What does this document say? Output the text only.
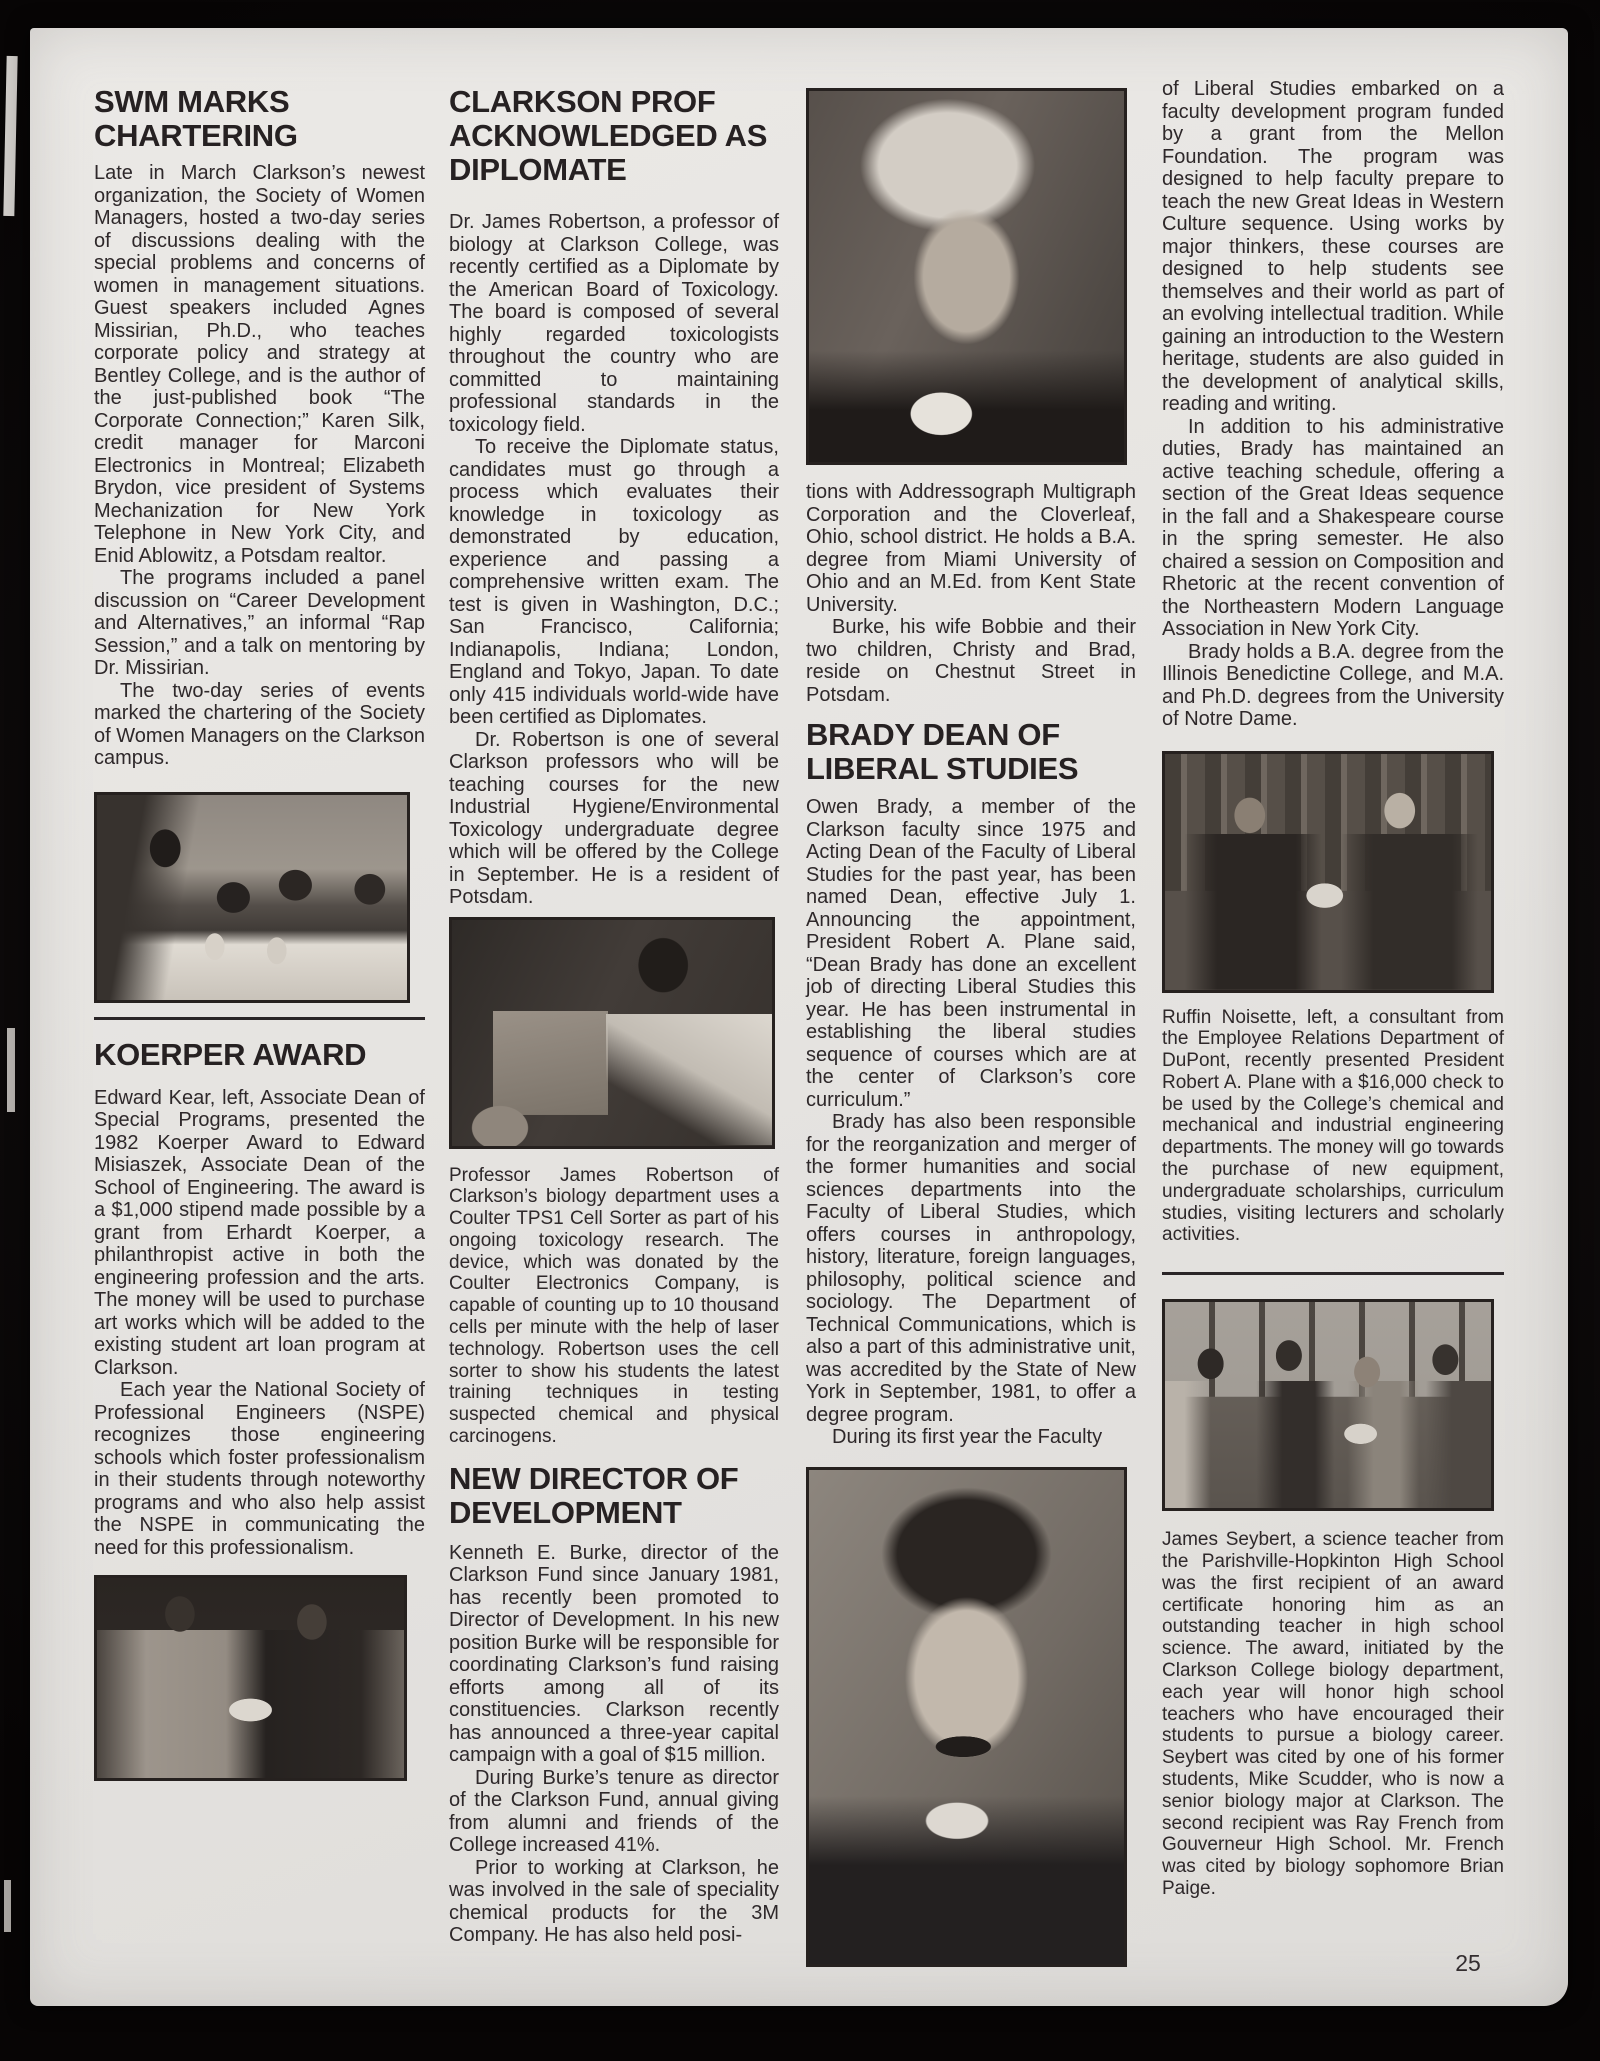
SWM MARKS CHARTERING

Late in March Clarkson’s newest organization, the Society of Women Managers, hosted a two-day series of discussions dealing with the special problems and concerns of women in management situations. Guest speakers included Agnes Missirian, Ph.D., who teaches corporate policy and strategy at Bentley College, and is the author of the just-published book “The Corporate Connection;” Karen Silk, credit manager for Marconi Electronics in Montreal; Elizabeth Brydon, vice president of Systems Mechanization for New York Telephone in New York City, and Enid Ablowitz, a Potsdam realtor.

The programs included a panel discussion on “Career Development and Alternatives,” an informal “Rap Session,” and a talk on mentoring by Dr. Missirian.

The two-day series of events marked the chartering of the Society of Women Managers on the Clarkson campus.

KOERPER AWARD

Edward Kear, left, Associate Dean of Special Programs, presented the 1982 Koerper Award to Edward Misiaszek, Associate Dean of the School of Engineering. The award is a $1,000 stipend made possible by a grant from Erhardt Koerper, a philanthropist active in both the engineering profession and the arts. The money will be used to purchase art works which will be added to the existing student art loan program at Clarkson.

Each year the National Society of Professional Engineers (NSPE) recognizes those engineering schools which foster professionalism in their students through noteworthy programs and who also help assist the NSPE in communicating the need for this professionalism.

CLARKSON PROF ACKNOWLEDGED AS DIPLOMATE

Dr. James Robertson, a professor of biology at Clarkson College, was recently certified as a Diplomate by the American Board of Toxicology. The board is composed of several highly regarded toxicologists throughout the country who are committed to maintaining professional standards in the toxicology field.

To receive the Diplomate status, candidates must go through a process which evaluates their knowledge in toxicology as demonstrated by education, experience and passing a comprehensive written exam. The test is given in Washington, D.C.; San Francisco, California; Indianapolis, Indiana; London, England and Tokyo, Japan. To date only 415 individuals world-wide have been certified as Diplomates.

Dr. Robertson is one of several Clarkson professors who will be teaching courses for the new Industrial Hygiene/Environmental Toxicology undergraduate degree which will be offered by the College in September. He is a resident of Potsdam.

Professor James Robertson of Clarkson’s biology department uses a Coulter TPS1 Cell Sorter as part of his ongoing toxicology research. The device, which was donated by the Coulter Electronics Company, is capable of counting up to 10 thousand cells per minute with the help of laser technology. Robertson uses the cell sorter to show his students the latest training techniques in testing suspected chemical and physical carcinogens.

NEW DIRECTOR OF DEVELOPMENT

Kenneth E. Burke, director of the Clarkson Fund since January 1981, has recently been promoted to Director of Development. In his new position Burke will be responsible for coordinating Clarkson’s fund raising efforts among all of its constituencies. Clarkson recently has announced a three-year capital campaign with a goal of $15 million.

During Burke’s tenure as director of the Clarkson Fund, annual giving from alumni and friends of the College increased 41%.

Prior to working at Clarkson, he was involved in the sale of speciality chemical products for the 3M Company. He has also held posi-

tions with Addressograph Multigraph Corporation and the Cloverleaf, Ohio, school district. He holds a B.A. degree from Miami University of Ohio and an M.Ed. from Kent State University.

Burke, his wife Bobbie and their two children, Christy and Brad, reside on Chestnut Street in Potsdam.

BRADY DEAN OF LIBERAL STUDIES

Owen Brady, a member of the Clarkson faculty since 1975 and Acting Dean of the Faculty of Liberal Studies for the past year, has been named Dean, effective July 1. Announcing the appointment, President Robert A. Plane said, “Dean Brady has done an excellent job of directing Liberal Studies this year. He has been instrumental in establishing the liberal studies sequence of courses which are at the center of Clarkson’s core curriculum.”

Brady has also been responsible for the reorganization and merger of the former humanities and social sciences departments into the Faculty of Liberal Studies, which offers courses in anthropology, history, literature, foreign languages, philosophy, political science and sociology. The Department of Technical Communications, which is also a part of this administrative unit, was accredited by the State of New York in September, 1981, to offer a degree program.

During its first year the Faculty

of Liberal Studies embarked on a faculty development program funded by a grant from the Mellon Foundation. The program was designed to help faculty prepare to teach the new Great Ideas in Western Culture sequence. Using works by major thinkers, these courses are designed to help students see themselves and their world as part of an evolving intellectual tradition. While gaining an introduction to the Western heritage, students are also guided in the development of analytical skills, reading and writing.

In addition to his administrative duties, Brady has maintained an active teaching schedule, offering a section of the Great Ideas sequence in the fall and a Shakespeare course in the spring semester. He also chaired a session on Composition and Rhetoric at the recent convention of the Northeastern Modern Language Association in New York City.

Brady holds a B.A. degree from the Illinois Benedictine College, and M.A. and Ph.D. degrees from the University of Notre Dame.

Ruffin Noisette, left, a consultant from the Employee Relations Department of DuPont, recently presented President Robert A. Plane with a $16,000 check to be used by the College’s chemical and mechanical and industrial engineering departments. The money will go towards the purchase of new equipment, undergraduate scholarships, curriculum studies, visiting lecturers and scholarly activities.

James Seybert, a science teacher from the Parishville-Hopkinton High School was the first recipient of an award certificate honoring him as an outstanding teacher in high school science. The award, initiated by the Clarkson College biology department, each year will honor high school teachers who have encouraged their students to pursue a biology career. Seybert was cited by one of his former students, Mike Scudder, who is now a senior biology major at Clarkson. The second recipient was Ray French from Gouverneur High School. Mr. French was cited by biology sophomore Brian Paige.

25
